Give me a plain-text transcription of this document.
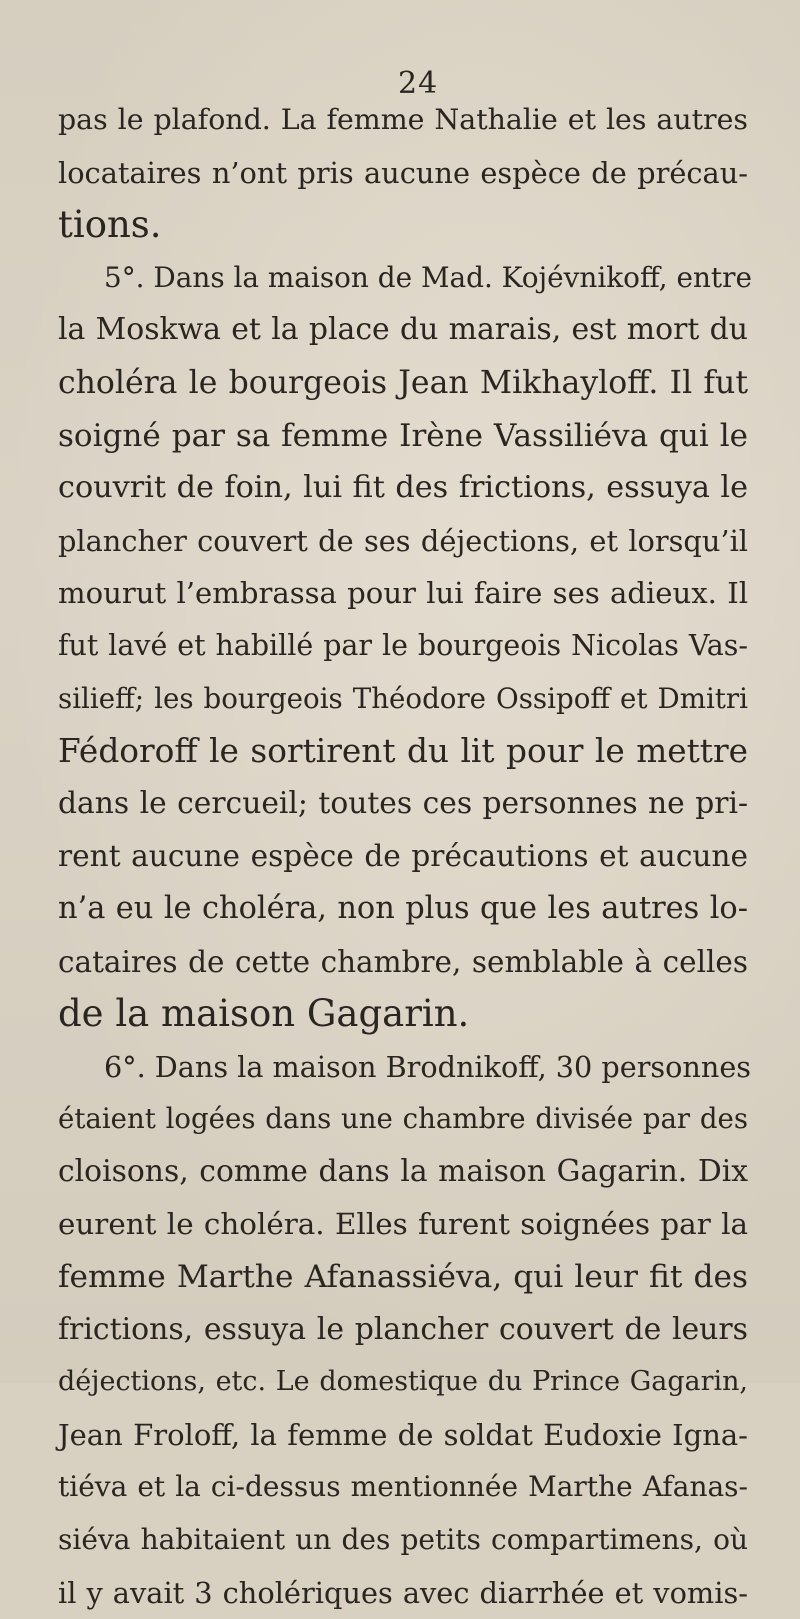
24
pas le plafond. La femme Nathalie et les autres
locataires n’ont pris aucune espèce de précau-
tions.
5°. Dans la maison de Mad. Kojévnikoff, entre
la Moskwa et la place du marais, est mort du
choléra le bourgeois Jean Mikhayloff. Il fut
soigné par sa femme Irène Vassiliéva qui le
couvrit de foin, lui fit des frictions, essuya le
plancher couvert de ses déjections, et lorsqu’il
mourut l’embrassa pour lui faire ses adieux. Il
fut lavé et habillé par le bourgeois Nicolas Vas-
silieff; les bourgeois Théodore Ossipoff et Dmitri
Fédoroff le sortirent du lit pour le mettre
dans le cercueil; toutes ces personnes ne pri-
rent aucune espèce de précautions et aucune
n’a eu le choléra, non plus que les autres lo-
cataires de cette chambre, semblable à celles
de la maison Gagarin.
6°. Dans la maison Brodnikoff, 30 personnes
étaient logées dans une chambre divisée par des
cloisons, comme dans la maison Gagarin. Dix
eurent le choléra. Elles furent soignées par la
femme Marthe Afanassiéva, qui leur fit des
frictions, essuya le plancher couvert de leurs
déjections, etc. Le domestique du Prince Gagarin,
Jean Froloff, la femme de soldat Eudoxie Igna-
tiéva et la ci-dessus mentionnée Marthe Afanas-
siéva habitaient un des petits compartimens, où
il y avait 3 cholériques avec diarrhée et vomis-
